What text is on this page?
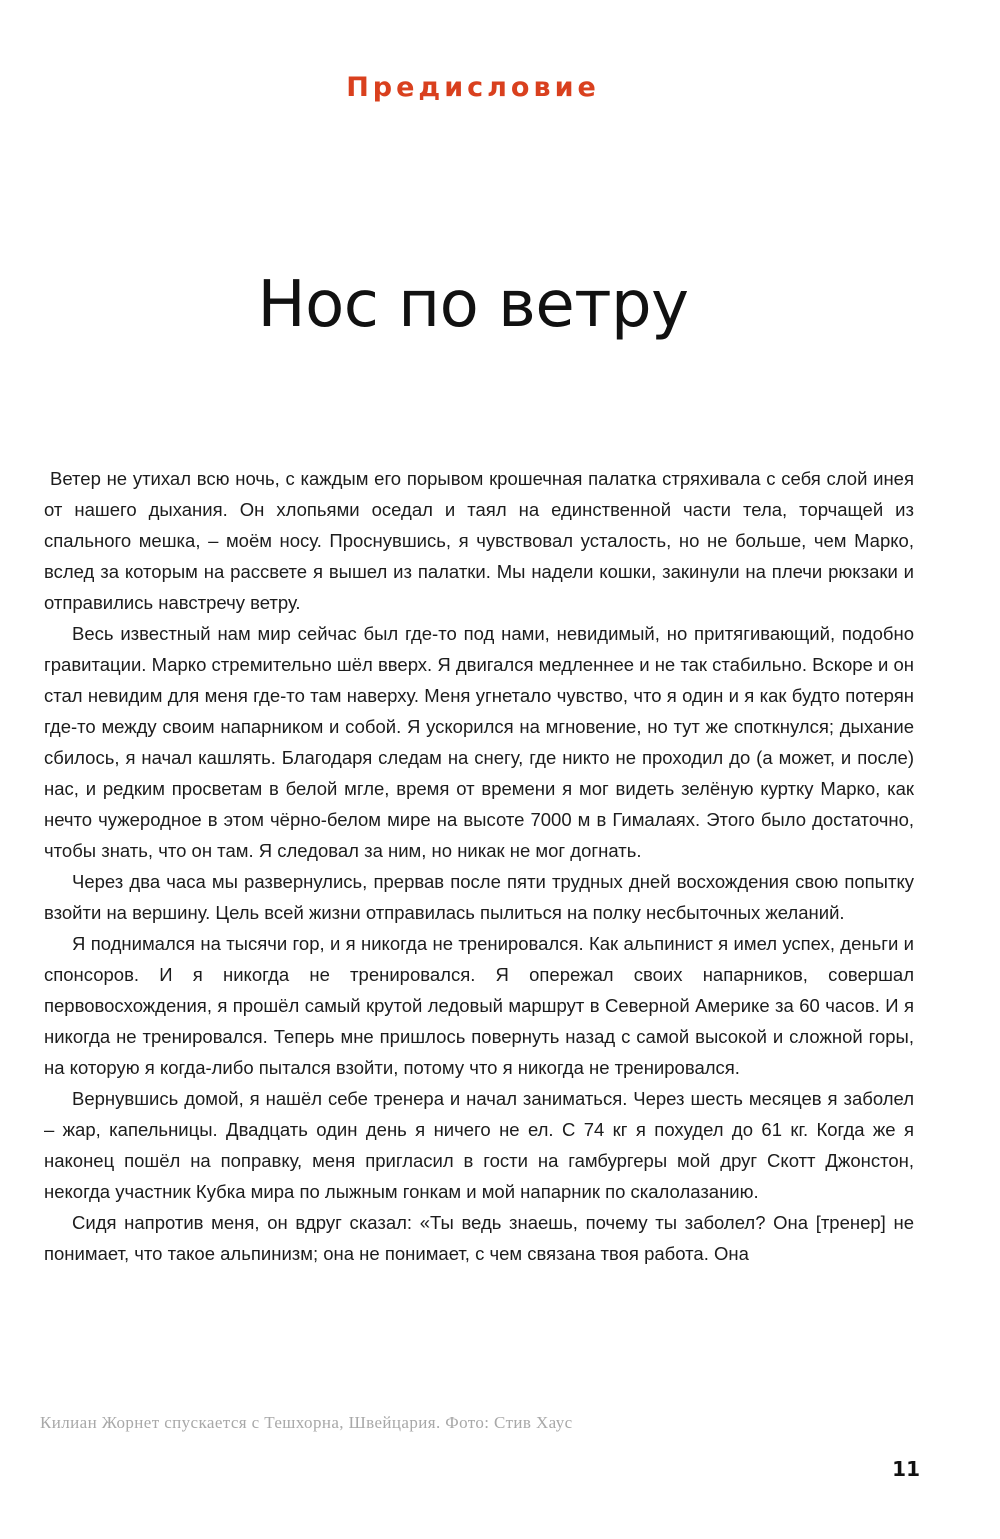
Предисловие
Нос по ветру

Ветер не утихал всю ночь, с каждым его порывом крошечная палатка стряхивала с себя слой инея от нашего дыхания. Он хлопьями оседал и таял на единственной части тела, торчащей из спального мешка, – моём носу. Проснувшись, я чувствовал усталость, но не больше, чем Марко, вслед за которым на рассвете я вышел из палатки. Мы надели кошки, закинули на плечи рюкзаки и отправились навстречу ветру.

Весь известный нам мир сейчас был где-то под нами, невидимый, но притягивающий, подобно гравитации. Марко стремительно шёл вверх. Я двигался медленнее и не так стабильно. Вскоре и он стал невидим для меня где-то там наверху. Меня угнетало чувство, что я один и я как будто потерян где-то между своим напарником и собой. Я ускорился на мгновение, но тут же споткнулся; дыхание сбилось, я начал кашлять. Благодаря следам на снегу, где никто не проходил до (а может, и после) нас, и редким просветам в белой мгле, время от времени я мог видеть зелёную куртку Марко, как нечто чужеродное в этом чёрно-белом мире на высоте 7000 м в Гималаях. Этого было достаточно, чтобы знать, что он там. Я следовал за ним, но никак не мог догнать.

Через два часа мы развернулись, прервав после пяти трудных дней восхождения свою попытку взойти на вершину. Цель всей жизни отправилась пылиться на полку несбыточных желаний.

Я поднимался на тысячи гор, и я никогда не тренировался. Как альпинист я имел успех, деньги и спонсоров. И я никогда не тренировался. Я опережал своих напарников, совершал первовосхождения, я прошёл самый крутой ледовый маршрут в Северной Америке за 60 часов. И я никогда не тренировался. Теперь мне пришлось повернуть назад с самой высокой и сложной горы, на которую я когда-либо пытался взойти, потому что я никогда не тренировался.

Вернувшись домой, я нашёл себе тренера и начал заниматься. Через шесть месяцев я заболел – жар, капельницы. Двадцать один день я ничего не ел. С 74 кг я похудел до 61 кг. Когда же я наконец пошёл на поправку, меня пригласил в гости на гамбургеры мой друг Скотт Джонстон, некогда участник Кубка мира по лыжным гонкам и мой напарник по скалолазанию.

Сидя напротив меня, он вдруг сказал: «Ты ведь знаешь, почему ты заболел? Она [тренер] не понимает, что такое альпинизм; она не понимает, с чем связана твоя работа. Она

Килиан Жорнет спускается с Тешхорна, Швейцария. Фото: Стив Хаус
11
